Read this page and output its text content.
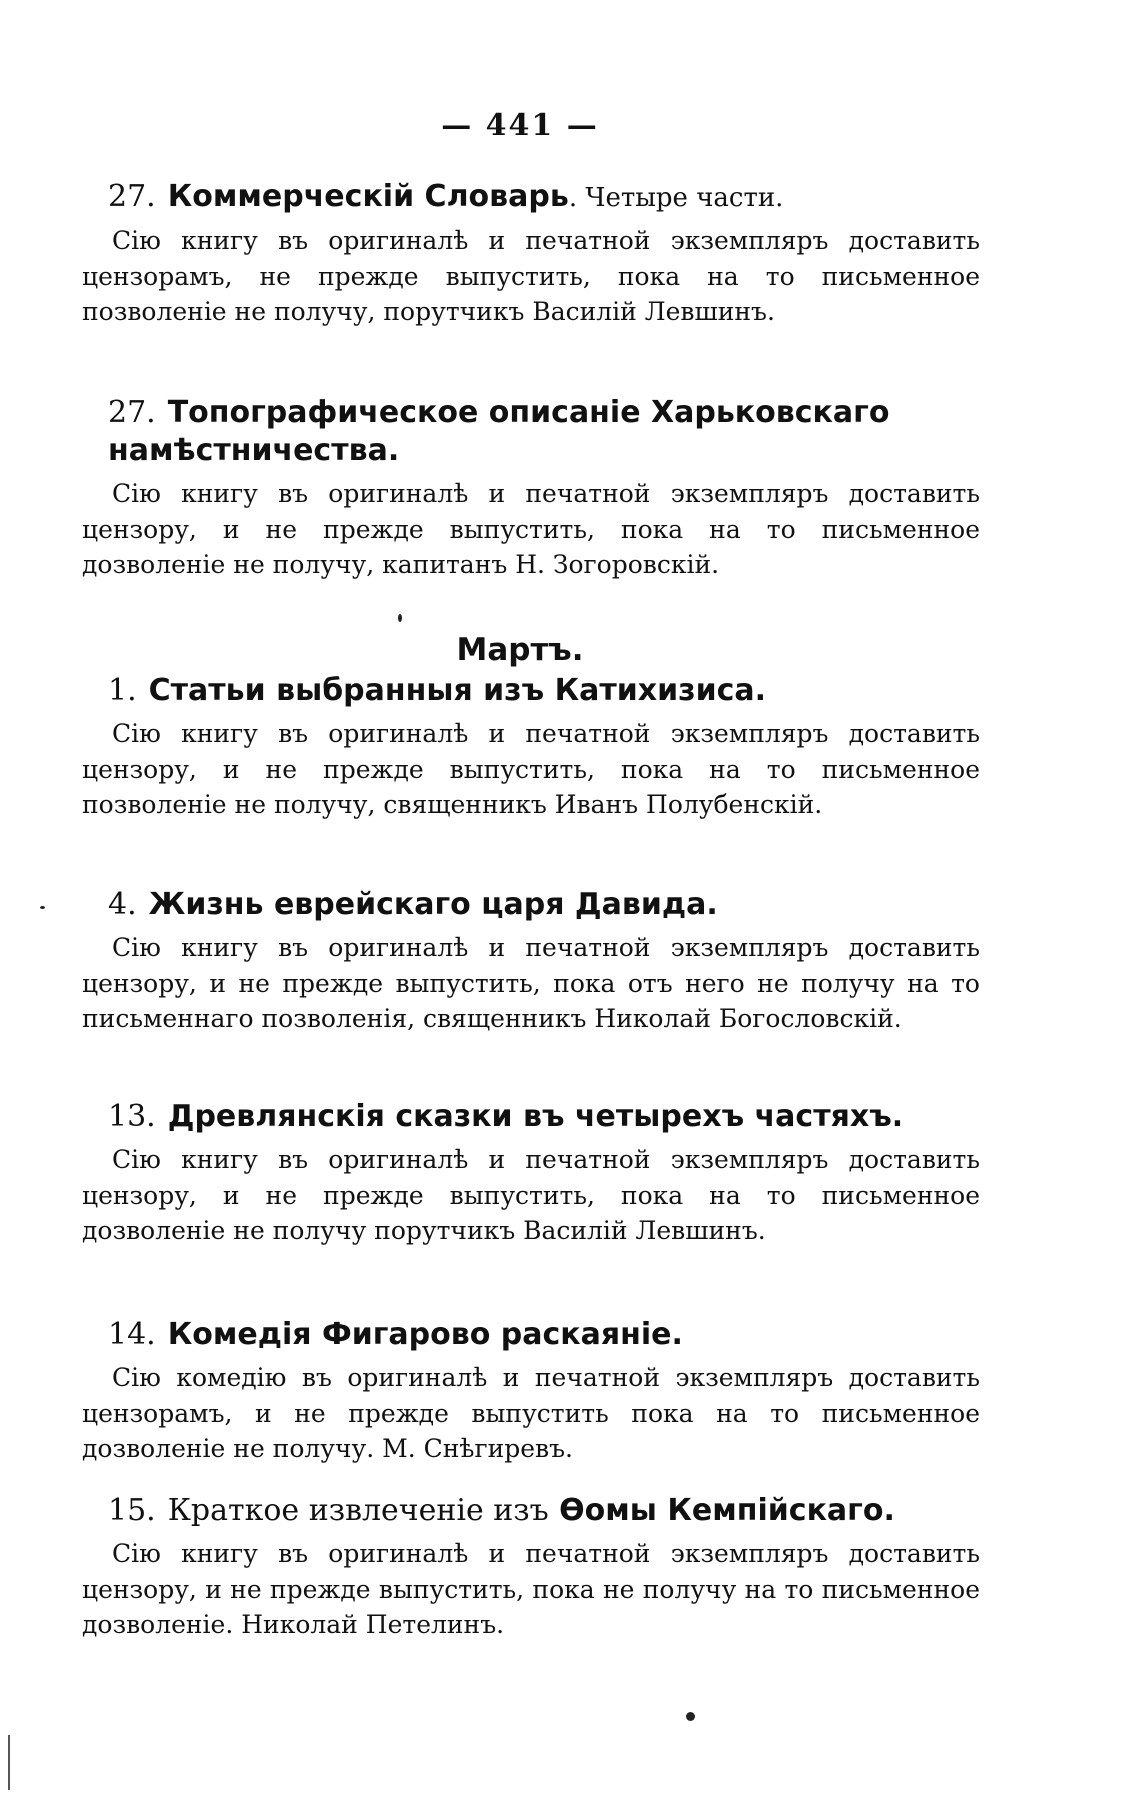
— 441 —

27. Коммерческій Словарь. Четыре части.

Сію книгу въ оригиналѣ и печатной экземпляръ доставить цензорамъ, не прежде выпустить, пока на то письменное позволеніе не получу, порутчикъ Василій Левшинъ.

27. Топографическое описаніе Харьковскаго намѣстничества.

Сію книгу въ оригиналѣ и печатной экземпляръ доставить цензору, и не прежде выпустить, пока на то письменное дозволеніе не получу, капитанъ Н. Зогоровскій.

Мартъ.

1. Статьи выбранныя изъ Катихизиса.

Сію книгу въ оригиналѣ и печатной экземпляръ доставить цензору, и не прежде выпустить, пока на то письменное позволеніе не получу, священникъ Иванъ Полубенскій.

4. Жизнь еврейскаго царя Давида.

Сію книгу въ оригиналѣ и печатной экземпляръ доставить цензору, и не прежде выпустить, пока отъ него не получу на то письменнаго позволенія, священникъ Николай Богословскій.

13. Древлянскія сказки въ четырехъ частяхъ.

Сію книгу въ оригиналѣ и печатной экземпляръ доставить цензору, и не прежде выпустить, пока на то письменное дозволеніе не получу порутчикъ Василій Левшинъ.

14. Комедія Фигарово раскаяніе.

Сію комедію въ оригиналѣ и печатной экземпляръ доставить цензорамъ, и не прежде выпустить пока на то письменное дозволеніе не получу. М. Снѣгиревъ.

15. Краткое извлеченіе изъ Ѳомы Кемпійскаго.

Сію книгу въ оригиналѣ и печатной экземпляръ доставить цензору, и не прежде выпустить, пока не получу на то письменное дозволеніе. Николай Петелинъ.
